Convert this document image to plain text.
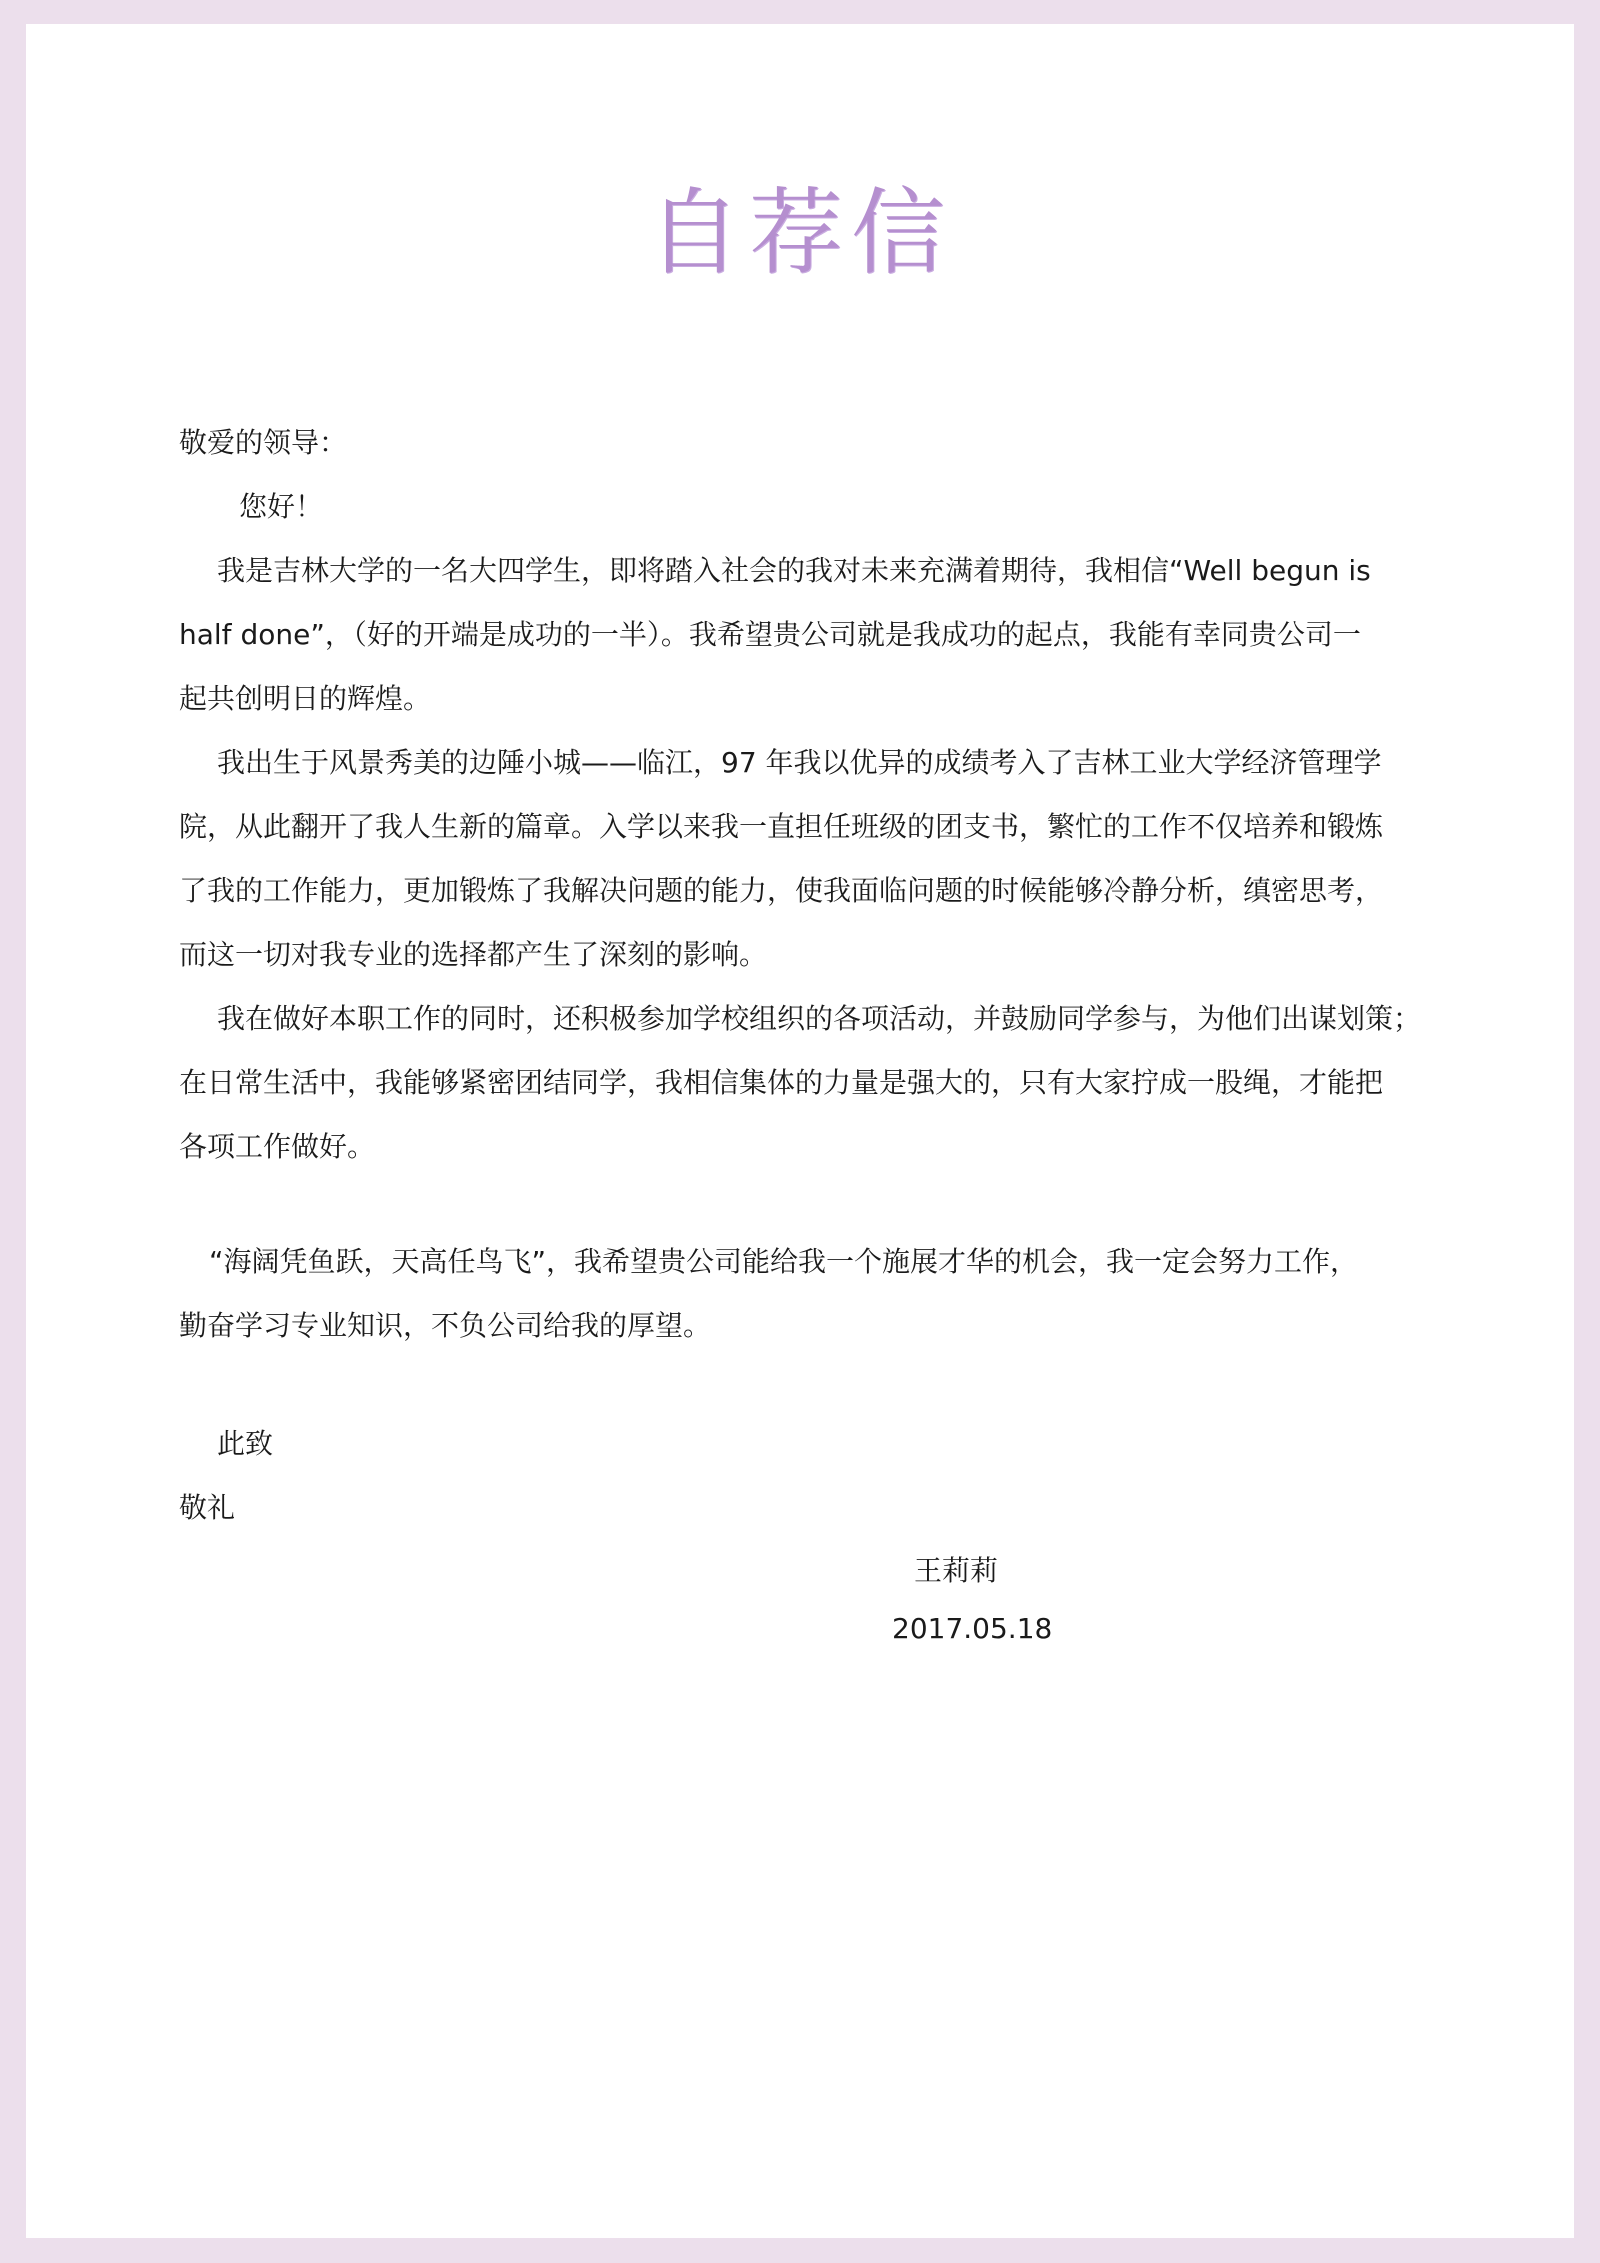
自荐信
敬爱的领导：
您好！
我是吉林大学的一名大四学生，即将踏入社会的我对未来充满着期待，我相信“Well begun is
half done”，（好的开端是成功的一半）。我希望贵公司就是我成功的起点，我能有幸同贵公司一
起共创明日的辉煌。
我出生于风景秀美的边陲小城——临江，97 年我以优异的成绩考入了吉林工业大学经济管理学
院，从此翻开了我人生新的篇章。入学以来我一直担任班级的团支书，繁忙的工作不仅培养和锻炼
了我的工作能力，更加锻炼了我解决问题的能力，使我面临问题的时候能够冷静分析，缜密思考，
而这一切对我专业的选择都产生了深刻的影响。
我在做好本职工作的同时，还积极参加学校组织的各项活动，并鼓励同学参与，为他们出谋划策；
在日常生活中，我能够紧密团结同学，我相信集体的力量是强大的，只有大家拧成一股绳，才能把
各项工作做好。
“海阔凭鱼跃，天高任鸟飞”，我希望贵公司能给我一个施展才华的机会，我一定会努力工作，
勤奋学习专业知识，不负公司给我的厚望。
此致
敬礼
王莉莉
2017.05.18
